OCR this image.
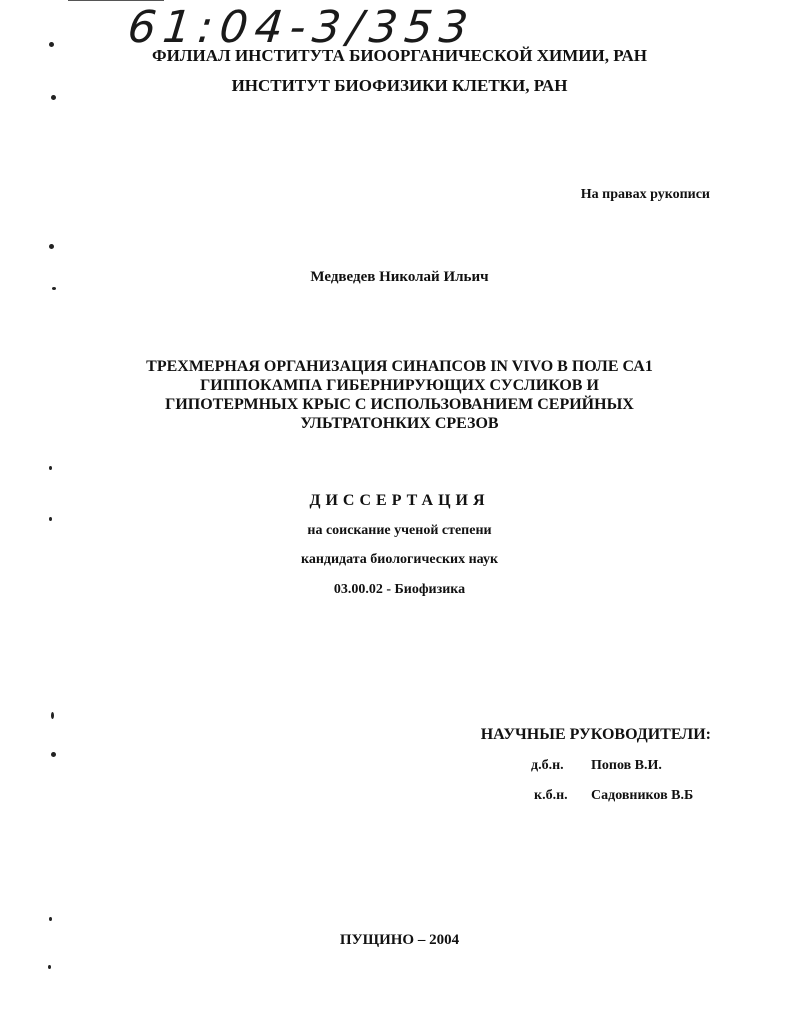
61:04-3/353
ФИЛИАЛ ИНСТИТУТА БИООРГАНИЧЕСКОЙ ХИМИИ, РАН
ИНСТИТУТ БИОФИЗИКИ КЛЕТКИ, РАН
На правах рукописи
Медведев Николай Ильич
ТРЕХМЕРНАЯ ОРГАНИЗАЦИЯ СИНАПСОВ IN VIVO В ПОЛЕ СА1
ГИППОКАМПА ГИБЕРНИРУЮЩИХ СУСЛИКОВ И
ГИПОТЕРМНЫХ КРЫС С ИСПОЛЬЗОВАНИЕМ СЕРИЙНЫХ
УЛЬТРАТОНКИХ СРЕЗОВ
ДИССЕРТАЦИЯ
на соискание ученой степени
кандидата биологических наук
03.00.02 - Биофизика
НАУЧНЫЕ РУКОВОДИТЕЛИ:
д.б.н. Попов В.И.
к.б.н. Садовников В.Б
ПУЩИНО – 2004
